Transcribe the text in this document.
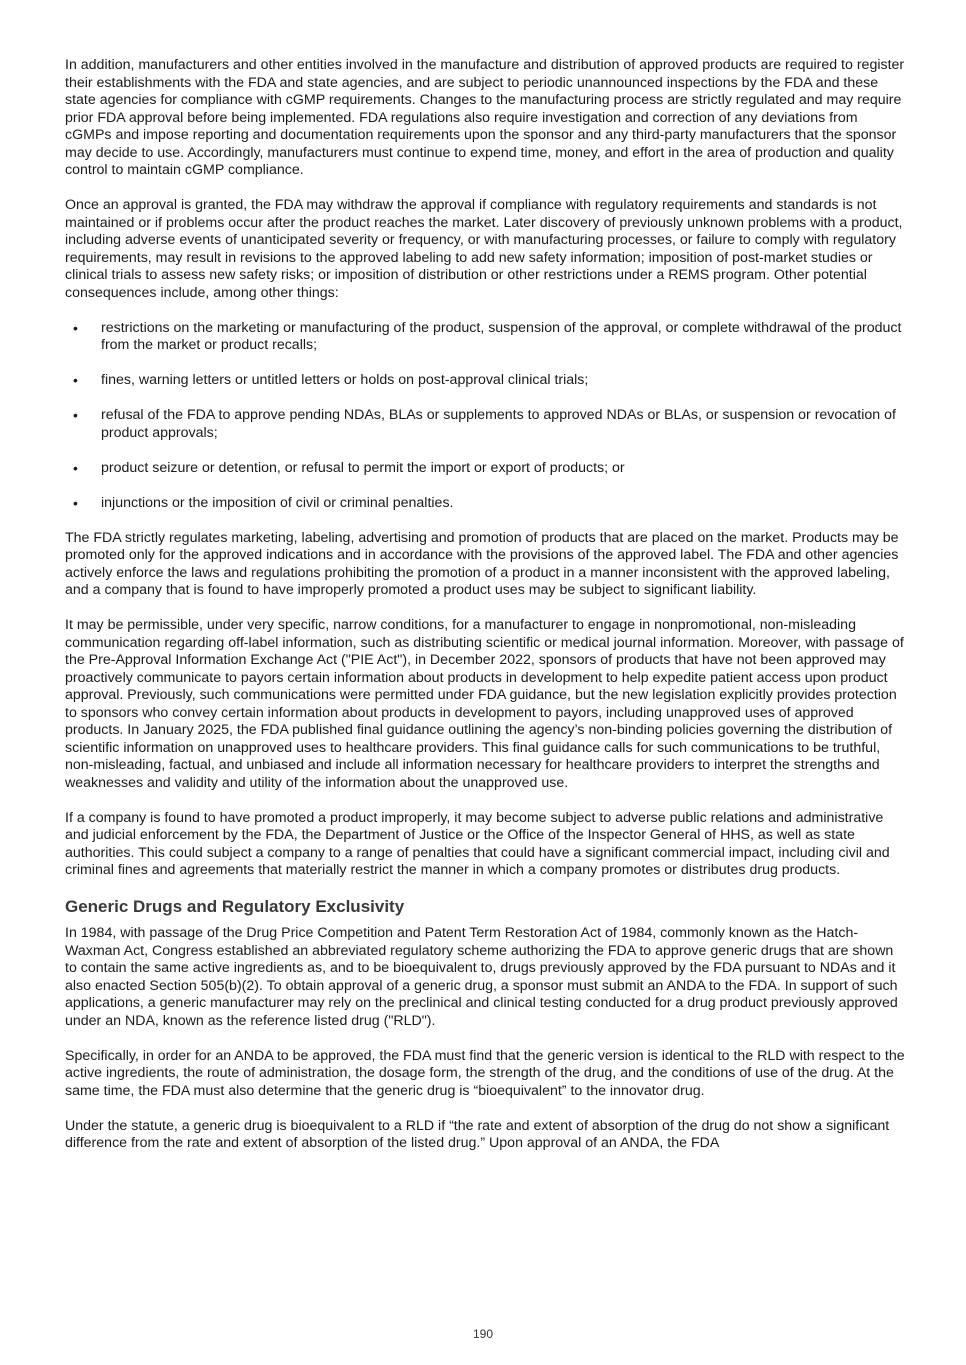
In addition, manufacturers and other entities involved in the manufacture and distribution of approved products are required to register their establishments with the FDA and state agencies, and are subject to periodic unannounced inspections by the FDA and these state agencies for compliance with cGMP requirements. Changes to the manufacturing process are strictly regulated and may require prior FDA approval before being implemented. FDA regulations also require investigation and correction of any deviations from cGMPs and impose reporting and documentation requirements upon the sponsor and any third-party manufacturers that the sponsor may decide to use. Accordingly, manufacturers must continue to expend time, money, and effort in the area of production and quality control to maintain cGMP compliance.

Once an approval is granted, the FDA may withdraw the approval if compliance with regulatory requirements and standards is not maintained or if problems occur after the product reaches the market. Later discovery of previously unknown problems with a product, including adverse events of unanticipated severity or frequency, or with manufacturing processes, or failure to comply with regulatory requirements, may result in revisions to the approved labeling to add new safety information; imposition of post-market studies or clinical trials to assess new safety risks; or imposition of distribution or other restrictions under a REMS program. Other potential consequences include, among other things:

• restrictions on the marketing or manufacturing of the product, suspension of the approval, or complete withdrawal of the product from the market or product recalls;
• fines, warning letters or untitled letters or holds on post-approval clinical trials;
• refusal of the FDA to approve pending NDAs, BLAs or supplements to approved NDAs or BLAs, or suspension or revocation of product approvals;
• product seizure or detention, or refusal to permit the import or export of products; or
• injunctions or the imposition of civil or criminal penalties.

The FDA strictly regulates marketing, labeling, advertising and promotion of products that are placed on the market. Products may be promoted only for the approved indications and in accordance with the provisions of the approved label. The FDA and other agencies actively enforce the laws and regulations prohibiting the promotion of a product in a manner inconsistent with the approved labeling, and a company that is found to have improperly promoted a product uses may be subject to significant liability.

It may be permissible, under very specific, narrow conditions, for a manufacturer to engage in nonpromotional, non-misleading communication regarding off-label information, such as distributing scientific or medical journal information. Moreover, with passage of the Pre-Approval Information Exchange Act ("PIE Act"), in December 2022, sponsors of products that have not been approved may proactively communicate to payors certain information about products in development to help expedite patient access upon product approval. Previously, such communications were permitted under FDA guidance, but the new legislation explicitly provides protection to sponsors who convey certain information about products in development to payors, including unapproved uses of approved products. In January 2025, the FDA published final guidance outlining the agency’s non-binding policies governing the distribution of scientific information on unapproved uses to healthcare providers. This final guidance calls for such communications to be truthful, non-misleading, factual, and unbiased and include all information necessary for healthcare providers to interpret the strengths and weaknesses and validity and utility of the information about the unapproved use.

If a company is found to have promoted a product improperly, it may become subject to adverse public relations and administrative and judicial enforcement by the FDA, the Department of Justice or the Office of the Inspector General of HHS, as well as state authorities. This could subject a company to a range of penalties that could have a significant commercial impact, including civil and criminal fines and agreements that materially restrict the manner in which a company promotes or distributes drug products.

Generic Drugs and Regulatory Exclusivity

In 1984, with passage of the Drug Price Competition and Patent Term Restoration Act of 1984, commonly known as the Hatch-Waxman Act, Congress established an abbreviated regulatory scheme authorizing the FDA to approve generic drugs that are shown to contain the same active ingredients as, and to be bioequivalent to, drugs previously approved by the FDA pursuant to NDAs and it also enacted Section 505(b)(2). To obtain approval of a generic drug, a sponsor must submit an ANDA to the FDA. In support of such applications, a generic manufacturer may rely on the preclinical and clinical testing conducted for a drug product previously approved under an NDA, known as the reference listed drug ("RLD").

Specifically, in order for an ANDA to be approved, the FDA must find that the generic version is identical to the RLD with respect to the active ingredients, the route of administration, the dosage form, the strength of the drug, and the conditions of use of the drug. At the same time, the FDA must also determine that the generic drug is “bioequivalent” to the innovator drug.

Under the statute, a generic drug is bioequivalent to a RLD if “the rate and extent of absorption of the drug do not show a significant difference from the rate and extent of absorption of the listed drug.” Upon approval of an ANDA, the FDA

190
